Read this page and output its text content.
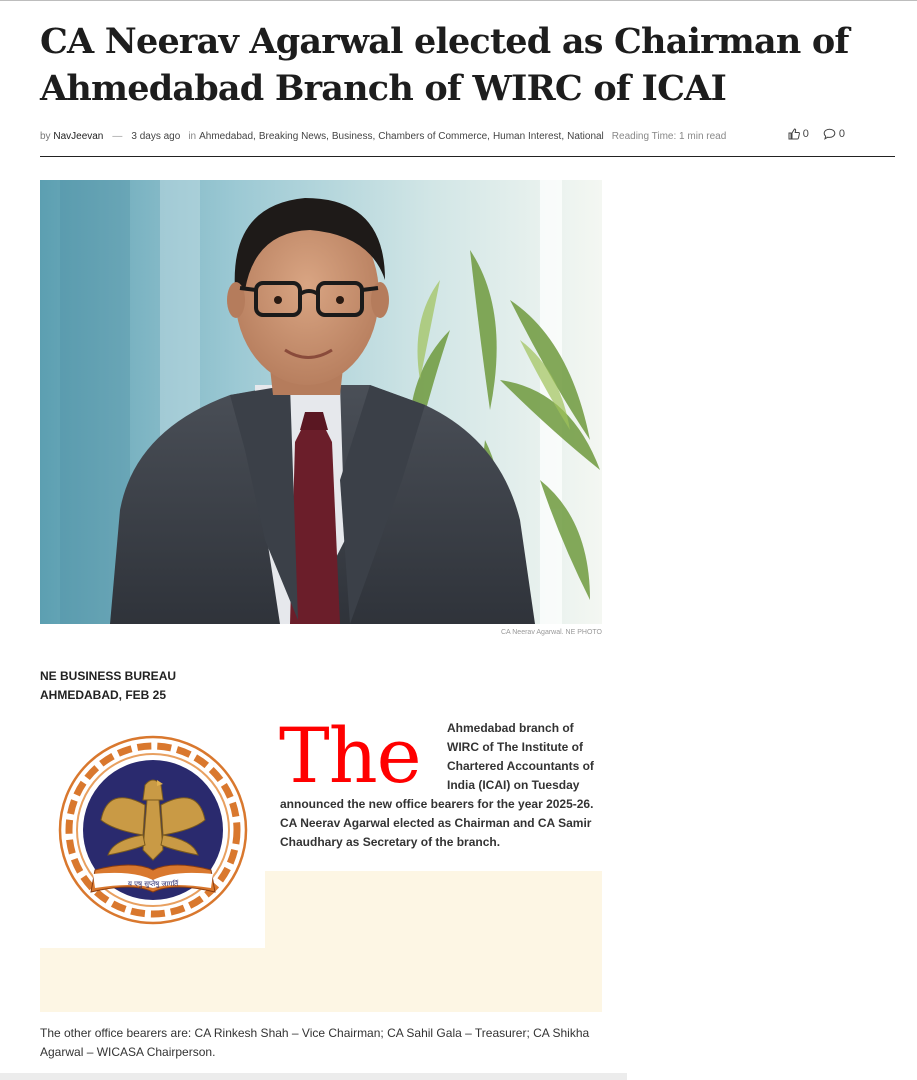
CA Neerav Agarwal elected as Chairman of Ahmedabad Branch of WIRC of ICAI
by
NavJeevan — 3 days ago in Ahmedabad , Breaking News , Business , Chambers of Commerce , Human Interest , National Reading Time: 1 min read	0	0
CA Neerav Agarwal. NE PHOTO
NE BUSINESS BUREAU
AHMEDABAD, FEB 25
य एषु सुप्तेषु जागर्ति
The	Ahmedabad branch of
WIRC of The Institute of
Chartered Accountants of
India (ICAI) on Tuesday
announced the new office bearers for the year 2025-26.
CA Neerav Agarwal elected as Chairman and CA Samir
Chaudhary as Secretary of the branch.
The other office bearers are: CA Rinkesh Shah – Vice Chairman; CA Sahil Gala – Treasurer; CA Shikha Agarwal – WICASA Chairperson.
